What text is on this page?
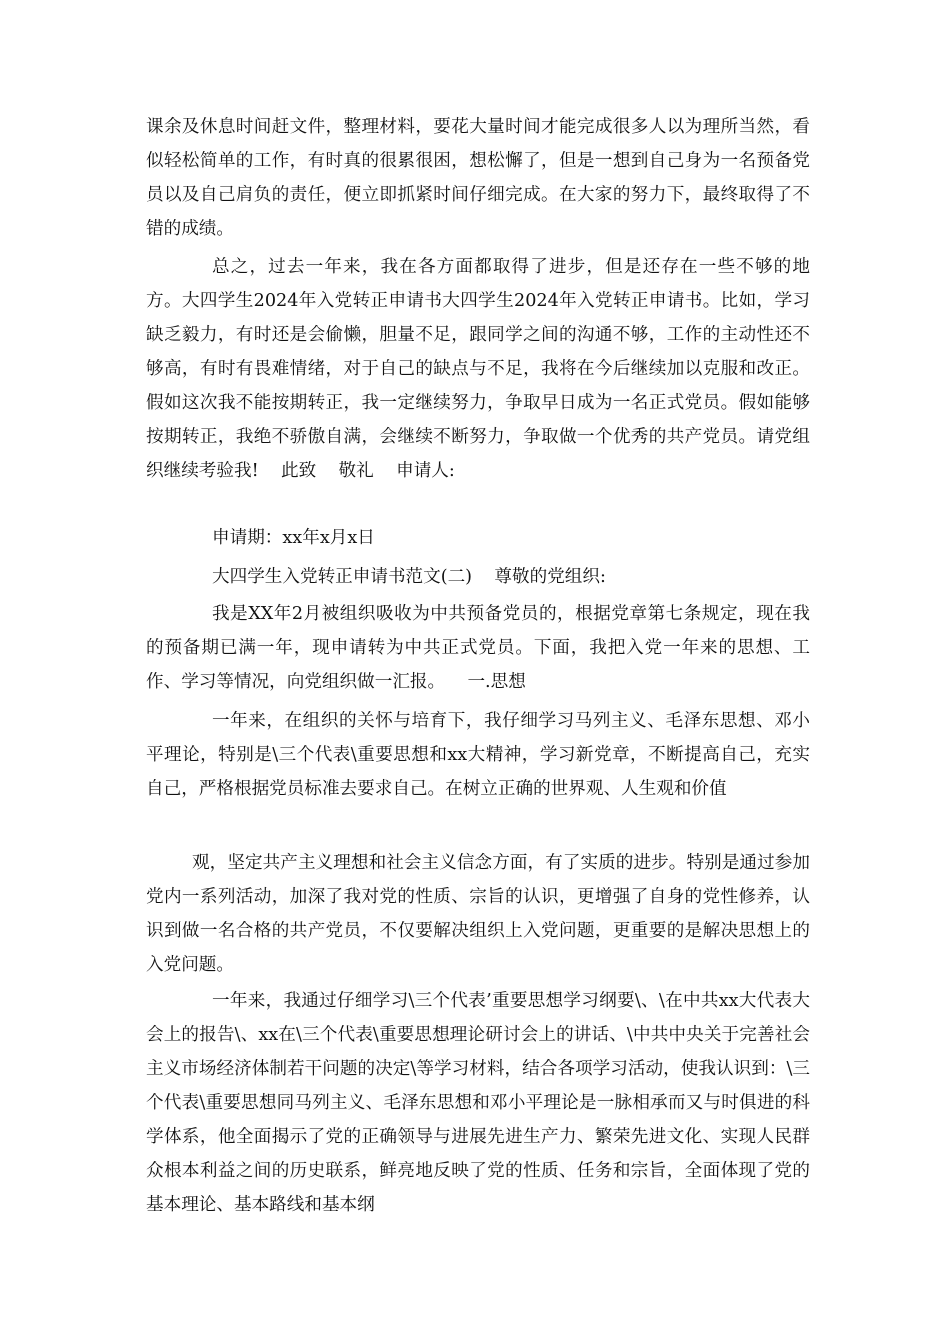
课余及休息时间赶文件，整理材料，要花大量时间才能完成很多人以为理所当然，看似轻松简单的工作，有时真的很累很困，想松懈了，但是一想到自己身为一名预备党员以及自己肩负的责任，便立即抓紧时间仔细完成。在大家的努力下，最终取得了不错的成绩。

总之，过去一年来，我在各方面都取得了进步，但是还存在一些不够的地方。大四学生2024年入党转正申请书大四学生2024年入党转正申请书。比如，学习缺乏毅力，有时还是会偷懒，胆量不足，跟同学之间的沟通不够，工作的主动性还不够高，有时有畏难情绪，对于自己的缺点与不足，我将在今后继续加以克服和改正。假如这次我不能按期转正，我一定继续努力，争取早日成为一名正式党员。假如能够按期转正，我绝不骄傲自满，会继续不断努力，争取做一个优秀的共产党员。请党组织继续考验我!    此致    敬礼    申请人:

申请期：xx年x月x日

大四学生入党转正申请书范文(二)    尊敬的党组织:

我是XX年2月被组织吸收为中共预备党员的，根据党章第七条规定，现在我的预备期已满一年，现申请转为中共正式党员。下面，我把入党一年来的思想、工作、学习等情况，向党组织做一汇报。    一.思想

一年来，在组织的关怀与培育下，我仔细学习马列主义、毛泽东思想、邓小平理论，特别是\三个代表\重要思想和xx大精神，学习新党章，不断提高自己，充实自己，严格根据党员标准去要求自己。在树立正确的世界观、人生观和价值

观，坚定共产主义理想和社会主义信念方面，有了实质的进步。特别是通过参加党内一系列活动，加深了我对党的性质、宗旨的认识，更增强了自身的党性修养，认识到做一名合格的共产党员，不仅要解决组织上入党问题，更重要的是解决思想上的入党问题。

一年来，我通过仔细学习\三个代表’重要思想学习纲要\、\在中共xx大代表大会上的报告\、xx在\三个代表\重要思想理论研讨会上的讲话、\中共中央关于完善社会主义市场经济体制若干问题的决定\等学习材料，结合各项学习活动，使我认识到：\三个代表\重要思想同马列主义、毛泽东思想和邓小平理论是一脉相承而又与时俱进的科学体系，他全面揭示了党的正确领导与进展先进生产力、繁荣先进文化、实现人民群众根本利益之间的历史联系，鲜亮地反映了党的性质、任务和宗旨，全面体现了党的基本理论、基本路线和基本纲
